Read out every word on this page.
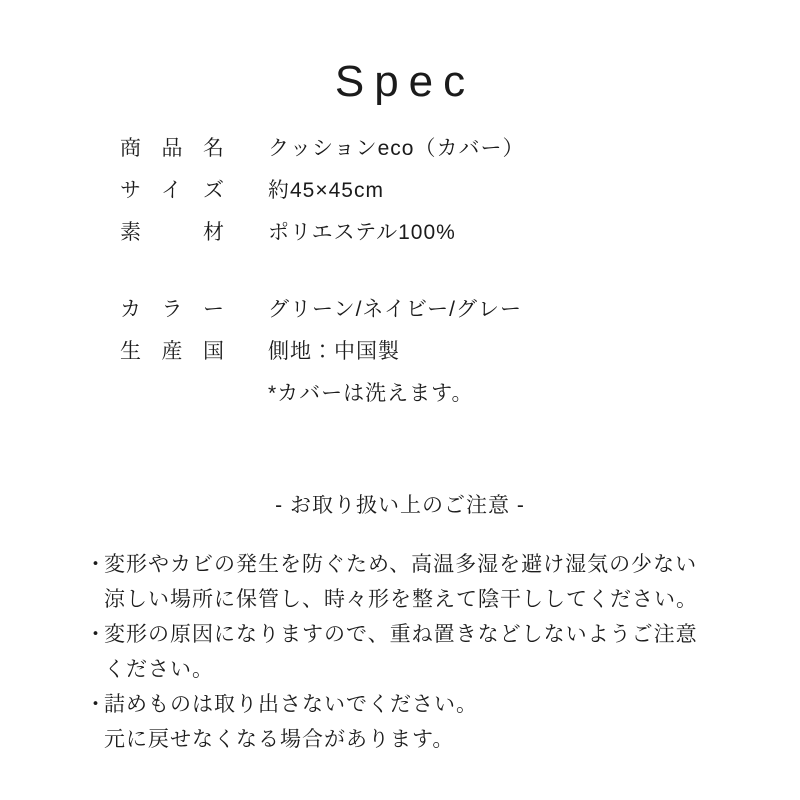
Spec
商品名 クッションeco（カバー）
サイズ 約45×45cm
素材 ポリエステル100%
カラー グリーン/ネイビー/グレー
生産国 側地：中国製
*カバーは洗えます。
- お取り扱い上のご注意 -
・
変形やカビの発生を防ぐため、高温多湿を避け湿気の少ない
涼しい場所に保管し、時々形を整えて陰干ししてください。
・
変形の原因になりますので、重ね置きなどしないようご注意
ください。
・
詰めものは取り出さないでください。
元に戻せなくなる場合があります。
